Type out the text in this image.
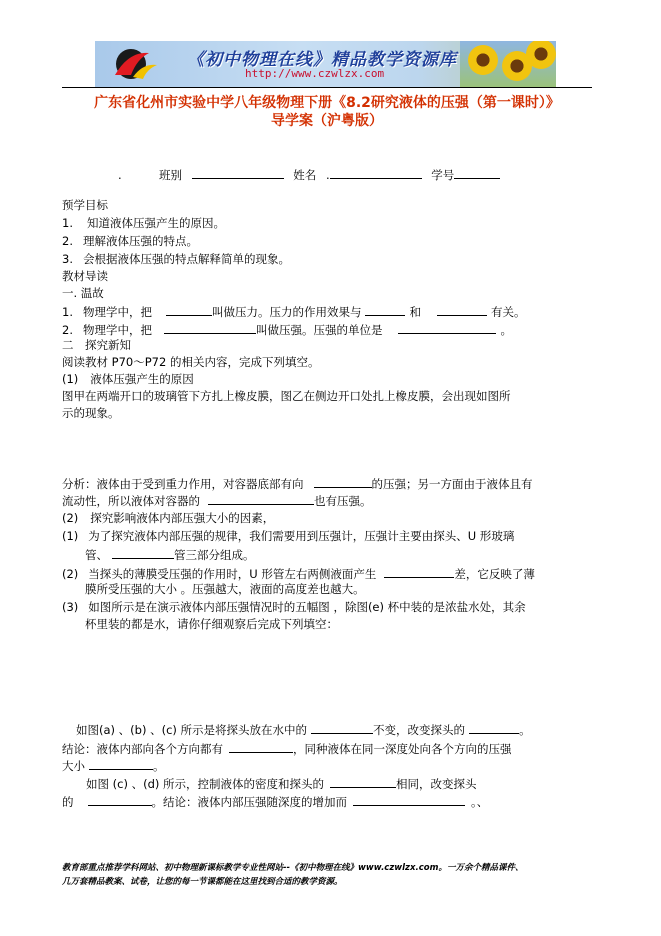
《初中物理在线》精品教学资源库
http://www.czwlzx.com
广东省化州市实验中学八年级物理下册《8.2研究液体的压强（第一课时）》
导学案（沪粤版）
.	班别	姓名 .	学号
预学目标
1. 知道液体压强产生的原因。
2. 理解液体压强的特点。
3. 会根据液体压强的特点解释简单的现象。
教材导读
一. 温故
1. 物理学中，把	叫做压力。压力的作用效果与	和	有关。
2. 物理学中，把	叫做压强。压强的单位是	。
二　探究新知
阅读教材 P70～P72 的相关内容，完成下列填空。
(1) 液体压强产生的原因
图甲在两端开口的玻璃管下方扎上橡皮膜，图乙在侧边开口处扎上橡皮膜，会出现如图所
示的现象。
分析：液体由于受到重力作用，对容器底部有向	的压强；另一方面由于液体且有
流动性，所以液体对容器的	也有压强。
(2) 探究影响液体内部压强大小的因素，
(1) 为了探究液体内部压强的规律，我们需要用到压强计，压强计主要由探头、U 形玻璃
管、	管三部分组成。
(2) 当探头的薄膜受压强的作用时，U 形管左右两侧液面产生	差，它反映了薄
膜所受压强的大小 。压强越大，液面的高度差也越大。
(3) 如图所示是在演示液体内部压强情况时的五幅图 ，除图(e) 杯中装的是浓盐水处，其余
杯里装的都是水，请你仔细观察后完成下列填空：
如图(a) 、(b) 、(c) 所示是将探头放在水中的	不变，改变探头的	。
结论：液体内部向各个方向都有	，同种液体在同一深度处向各个方向的压强
大小	。
如图 (c) 、(d) 所示，控制液体的密度和探头的	相同，改变探头
的	。结论：液体内部压强随深度的增加而	。、
教育部重点推荐学科网站、初中物理新课标教学专业性网站--《初中物理在线》www.czwlzx.com。一万余个精品课件、
几万套精品教案、试卷，让您的每一节课都能在这里找到合适的教学资源。
